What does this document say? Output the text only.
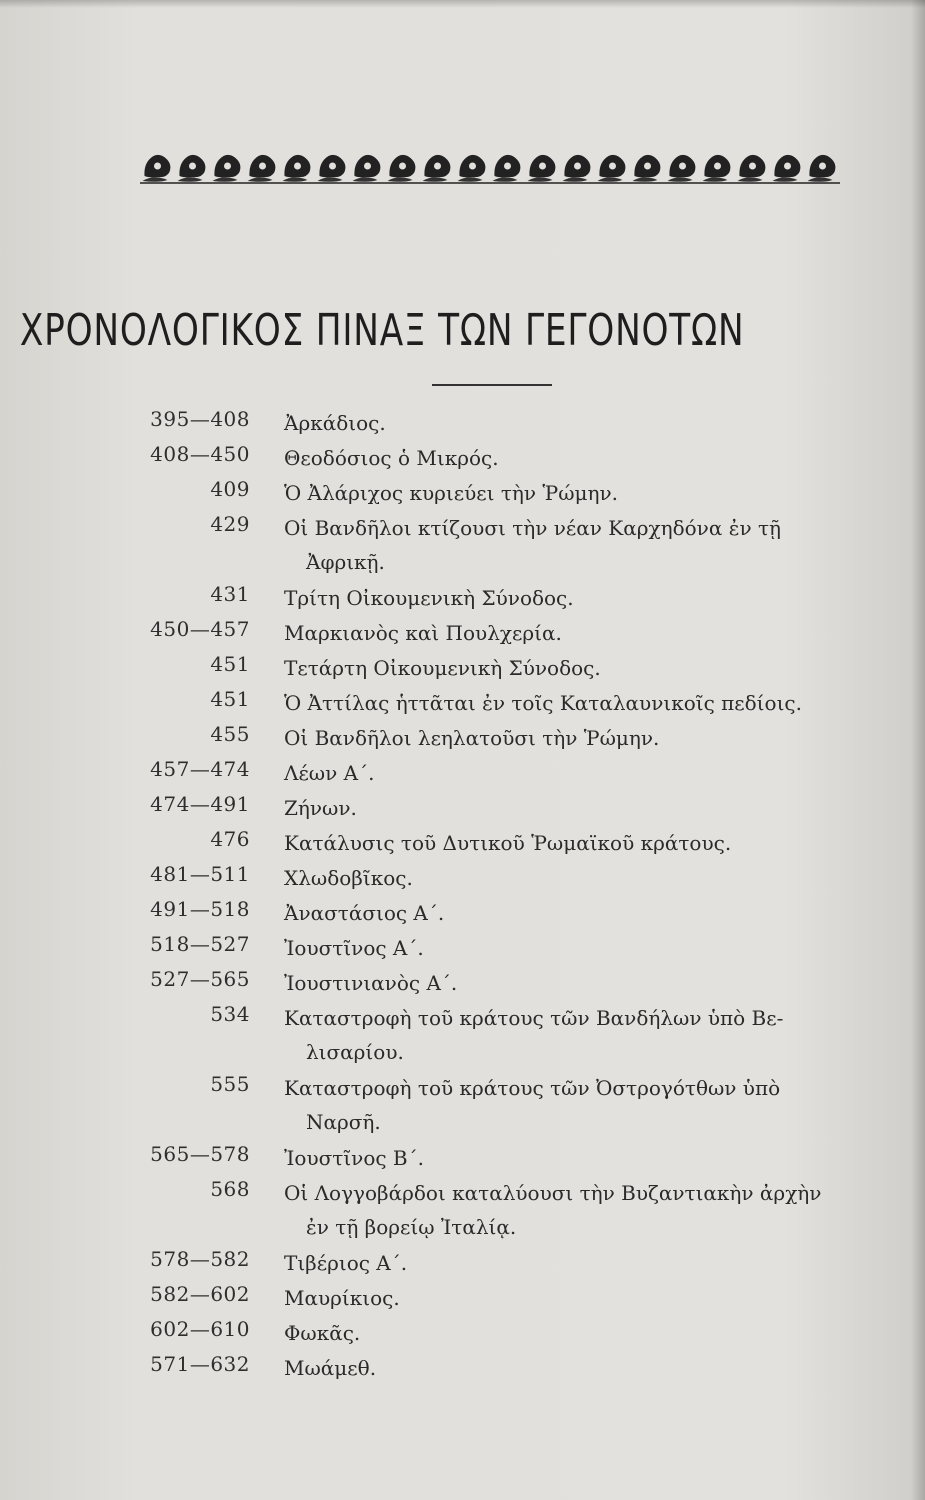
ΧΡΟΝΟΛΟΓΙΚΟΣ ΠΙΝΑΞ ΤΩΝ ΓΕΓΟΝΟΤΩΝ
395—408 Ἀρκάδιος.
408—450 Θεοδόσιος ὁ Μικρός.
409 Ὁ Ἀλάριχος κυριεύει τὴν Ῥώμην.
429 Οἱ Βανδῆλοι κτίζουσι τὴν νέαν Καρχηδόνα ἐν τῇ
Ἀφρικῇ.
431 Τρίτη Οἰκουμενικὴ Σύνοδος.
450—457 Μαρκιανὸς καὶ Πουλχερία.
451 Τετάρτη Οἰκουμενικὴ Σύνοδος.
451 Ὁ Ἀττίλας ἡττᾶται ἐν τοῖς Καταλαυνικοῖς πεδίοις.
455 Οἱ Βανδῆλοι λεηλατοῦσι τὴν Ῥώμην.
457—474 Λέων Α΄.
474—491 Ζήνων.
476 Κατάλυσις τοῦ Δυτικοῦ Ῥωμαϊκοῦ κράτους.
481—511 Χλωδοβῖκος.
491—518 Ἀναστάσιος Α΄.
518—527 Ἰουστῖνος Α΄.
527—565 Ἰουστινιανὸς Α΄.
534 Καταστροφὴ τοῦ κράτους τῶν Βανδήλων ὑπὸ Βε-
λισαρίου.
555 Καταστροφὴ τοῦ κράτους τῶν Ὀστρογότθων ὑπὸ
Ναρσῆ.
565—578 Ἰουστῖνος Β΄.
568 Οἱ Λογγοβάρδοι καταλύουσι τὴν Βυζαντιακὴν ἀρχὴν
ἐν τῇ βορείῳ Ἰταλίᾳ.
578—582 Τιβέριος Α΄.
582—602 Μαυρίκιος.
602—610 Φωκᾶς.
571—632 Μωάμεθ.
